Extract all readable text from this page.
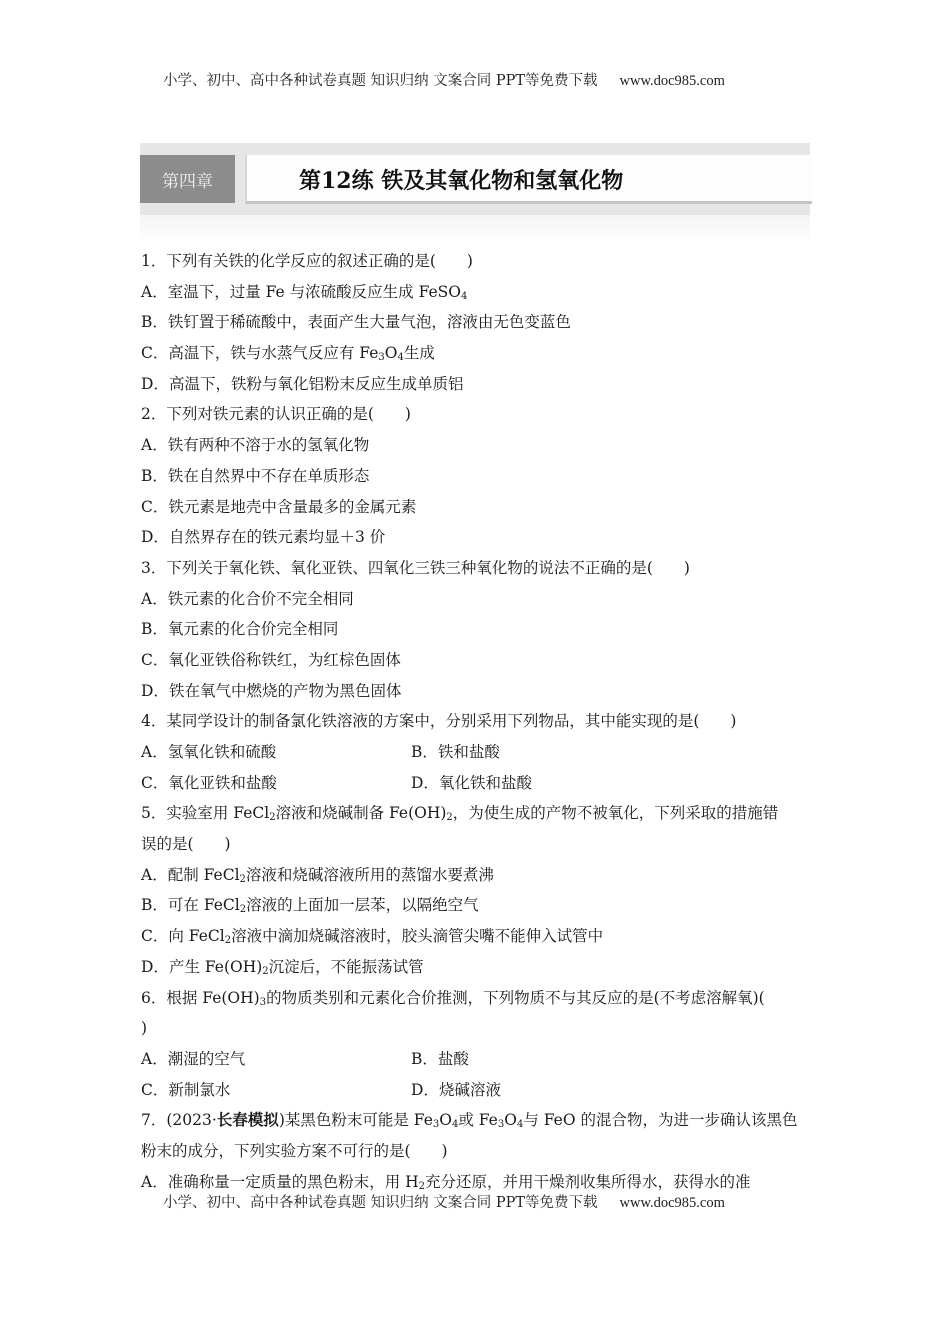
小学、初中、高中各种试卷真题 知识归纳 文案合同 PPT等免费下载 www.doc985.com
第四章	第12练 铁及其氧化物和氢氧化物
1．下列有关铁的化学反应的叙述正确的是(　　)
A．室温下，过量 Fe 与浓硫酸反应生成 FeSO$_4$
B．铁钉置于稀硫酸中，表面产生大量气泡，溶液由无色变蓝色
C．高温下，铁与水蒸气反应有 $Fe_3O_4$生成
D．高温下，铁粉与氧化铝粉末反应生成单质铝
2．下列对铁元素的认识正确的是(　　)
A．铁有两种不溶于水的氢氧化物
B．铁在自然界中不存在单质形态
C．铁元素是地壳中含量最多的金属元素
D．自然界存在的铁元素均显＋3 价
3．下列关于氧化铁、氧化亚铁、四氧化三铁三种氧化物的说法不正确的是(　　)
A．铁元素的化合价不完全相同
B．氧元素的化合价完全相同
C．氧化亚铁俗称铁红，为红棕色固体
D．铁在氧气中燃烧的产物为黑色固体
4．某同学设计的制备氯化铁溶液的方案中，分别采用下列物品，其中能实现的是(　　)
A．氢氧化铁和硫酸	B．铁和盐酸
C．氧化亚铁和盐酸	D．氧化铁和盐酸
5．实验室用 FeCl$_2$溶液和烧碱制备 $Fe(OH)_2$，为使生成的产物不被氧化，下列采取的措施错
误的是(　　)
A．配制 FeCl$_2$溶液和烧碱溶液所用的蒸馏水要煮沸
B．可在 FeCl$_2$溶液的上面加一层苯，以隔绝空气
C．向 FeCl$_2$溶液中滴加烧碱溶液时，胶头滴管尖嘴不能伸入试管中
D．产生 $Fe(OH)_2$沉淀后，不能振荡试管
6．根据 $Fe(OH)_3$的物质类别和元素化合价推测，下列物质不与其反应的是(不考虑溶解氧)(
)
A．潮湿的空气	B．盐酸
C．新制氯水	D．烧碱溶液
7．(2023·长春模拟)某黑色粉末可能是 $Fe_3O_4$或 $Fe_3O_4$与 FeO 的混合物，为进一步确认该黑色
粉末的成分，下列实验方案不可行的是(　　)
A．准确称量一定质量的黑色粉末，用 $H_2$充分还原，并用干燥剂收集所得水，获得水的准
小学、初中、高中各种试卷真题 知识归纳 文案合同 PPT等免费下载 www.doc985.com
